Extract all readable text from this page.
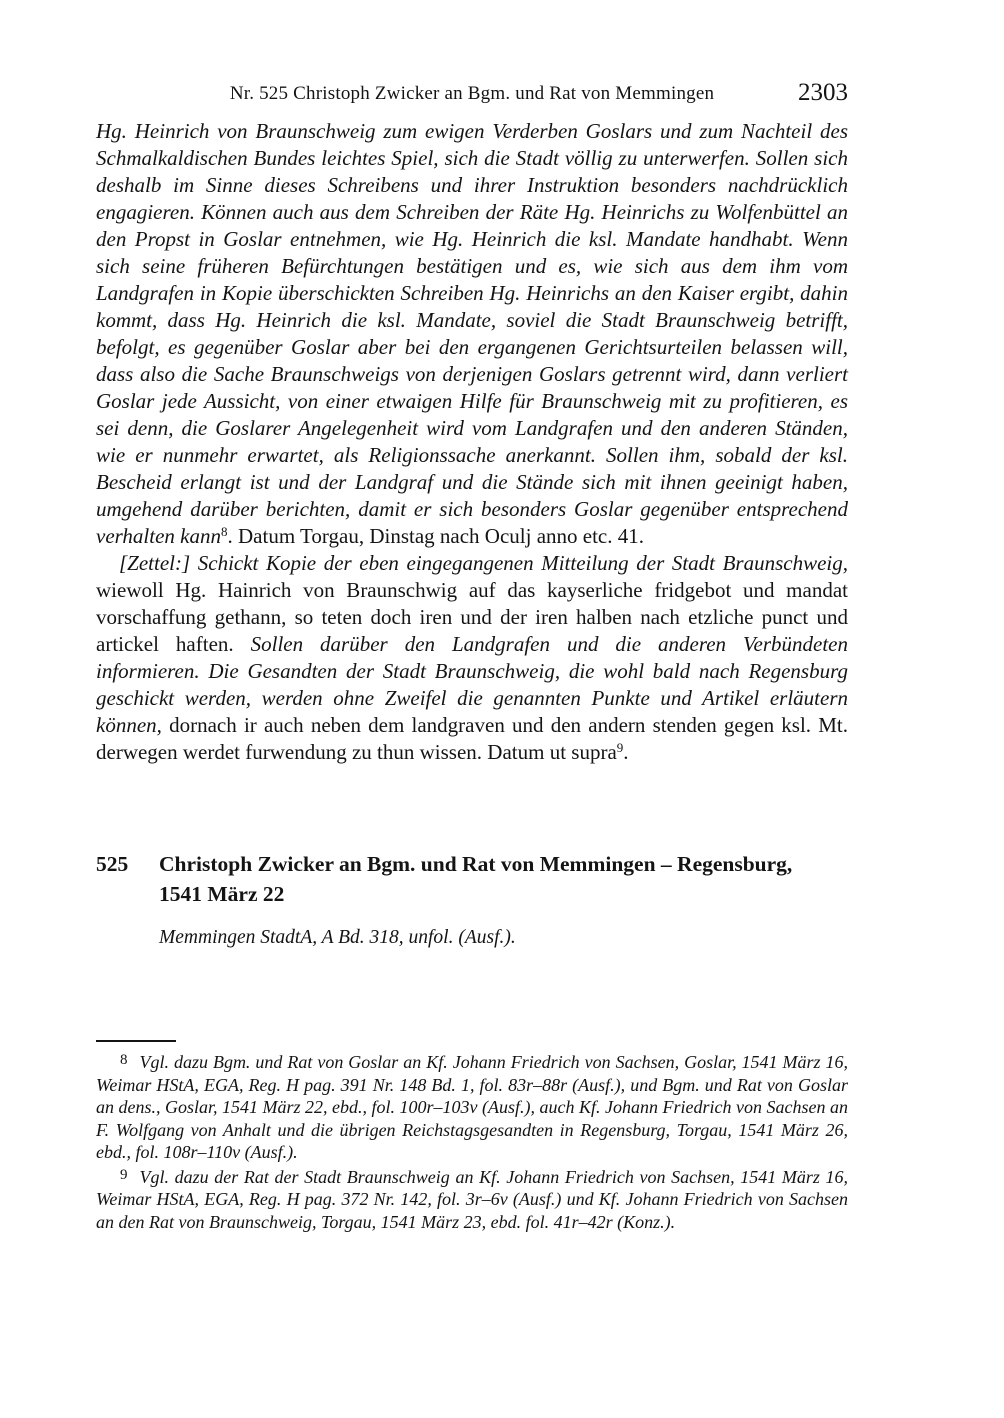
Nr. 525 Christoph Zwicker an Bgm. und Rat von Memmingen	2303

Hg. Heinrich von Braunschweig zum ewigen Verderben Goslars und zum Nachteil des Schmalkaldischen Bundes leichtes Spiel, sich die Stadt völlig zu unterwerfen. Sollen sich deshalb im Sinne dieses Schreibens und ihrer Instruktion besonders nachdrücklich engagieren. Können auch aus dem Schreiben der Räte Hg. Heinrichs zu Wolfenbüttel an den Propst in Goslar entnehmen, wie Hg. Heinrich die ksl. Mandate handhabt. Wenn sich seine früheren Befürchtungen bestätigen und es, wie sich aus dem ihm vom Landgrafen in Kopie überschickten Schreiben Hg. Heinrichs an den Kaiser ergibt, dahin kommt, dass Hg. Heinrich die ksl. Mandate, soviel die Stadt Braunschweig betrifft, befolgt, es gegenüber Goslar aber bei den ergangenen Gerichtsurteilen belassen will, dass also die Sache Braunschweigs von derjenigen Goslars getrennt wird, dann verliert Goslar jede Aussicht, von einer etwaigen Hilfe für Braunschweig mit zu profitieren, es sei denn, die Goslarer Angelegenheit wird vom Landgrafen und den anderen Ständen, wie er nunmehr erwartet, als Religionssache anerkannt. Sollen ihm, sobald der ksl. Bescheid erlangt ist und der Landgraf und die Stände sich mit ihnen geeinigt haben, umgehend darüber berichten, damit er sich besonders Goslar gegenüber entsprechend verhalten kann$^8$. Datum Torgau, Dinstag nach Oculj anno etc. 41.

[Zettel:] Schickt Kopie der eben eingegangenen Mitteilung der Stadt Braunschweig, wiewoll Hg. Hainrich von Braunschwig auf das kayserliche fridgebot und mandat vorschaffung gethann, so teten doch iren und der iren halben nach etzliche punct und artickel haften. Sollen darüber den Landgrafen und die anderen Verbündeten informieren. Die Gesandten der Stadt Braunschweig, die wohl bald nach Regensburg geschickt werden, werden ohne Zweifel die genannten Punkte und Artikel erläutern können, dornach ir auch neben dem landgraven und den andern stenden gegen ksl. Mt. derwegen werdet furwendung zu thun wissen. Datum ut supra$^9$.

525	Christoph Zwicker an Bgm. und Rat von Memmingen – Regensburg,
1541 März 22
Memmingen StadtA, A Bd. 318, unfol. (Ausf.).

$^8$ Vgl. dazu Bgm. und Rat von Goslar an Kf. Johann Friedrich von Sachsen, Goslar, 1541 März 16, Weimar HStA, EGA, Reg. H pag. 391 Nr. 148 Bd. 1, fol. 83r–88r (Ausf.), und Bgm. und Rat von Goslar an dens., Goslar, 1541 März 22, ebd., fol. 100r–103v (Ausf.), auch Kf. Johann Friedrich von Sachsen an F. Wolfgang von Anhalt und die übrigen Reichstagsgesandten in Regensburg, Torgau, 1541 März 26, ebd., fol. 108r–110v (Ausf.).

$^9$ Vgl. dazu der Rat der Stadt Braunschweig an Kf. Johann Friedrich von Sachsen, 1541 März 16, Weimar HStA, EGA, Reg. H pag. 372 Nr. 142, fol. 3r–6v (Ausf.) und Kf. Johann Friedrich von Sachsen an den Rat von Braunschweig, Torgau, 1541 März 23, ebd. fol. 41r–42r (Konz.).
